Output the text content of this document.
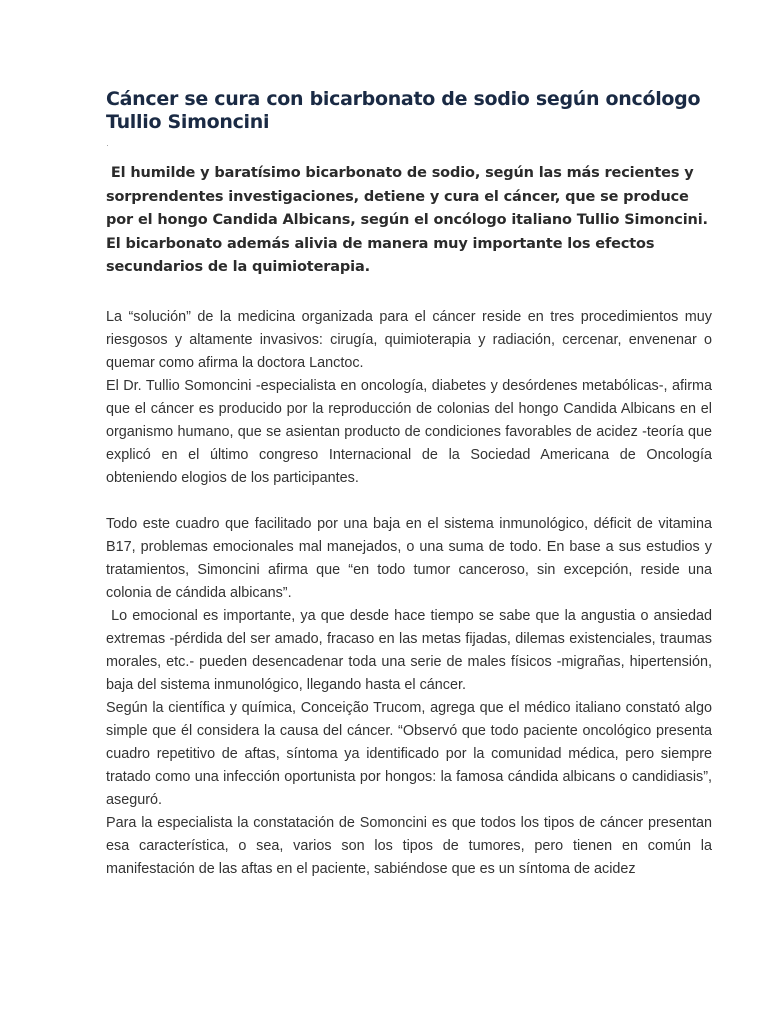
Cáncer se cura con bicarbonato de sodio según oncólogo Tullio Simoncini
·
El humilde y baratísimo bicarbonato de sodio, según las más recientes y sorprendentes investigaciones, detiene y cura el cáncer, que se produce por el hongo Candida Albicans, según el oncólogo italiano Tullio Simoncini. El bicarbonato además alivia de manera muy importante los efectos secundarios de la quimioterapia.

La “solución” de la medicina organizada para el cáncer reside en tres procedimientos muy riesgosos y altamente invasivos: cirugía, quimioterapia y radiación, cercenar, envenenar o quemar como afirma la doctora Lanctoc.

El Dr. Tullio Somoncini -especialista en oncología, diabetes y desórdenes metabólicas-, afirma que el cáncer es producido por la reproducción de colonias del hongo Candida Albicans en el organismo humano, que se asientan producto de condiciones favorables de acidez -teoría que explicó en el último congreso Internacional de la Sociedad Americana de Oncología obteniendo elogios de los participantes.

Todo este cuadro que facilitado por una baja en el sistema inmunológico, déficit de vitamina B17, problemas emocionales mal manejados, o una suma de todo. En base a sus estudios y tratamientos, Simoncini afirma que “en todo tumor canceroso, sin excepción, reside una colonia de cándida albicans”.

Lo emocional es importante, ya que desde hace tiempo se sabe que la angustia o ansiedad extremas -pérdida del ser amado, fracaso en las metas fijadas, dilemas existenciales, traumas morales, etc.- pueden desencadenar toda una serie de males físicos -migrañas, hipertensión, baja del sistema inmunológico, llegando hasta el cáncer.

Según la científica y química, Conceição Trucom, agrega que el médico italiano constató algo simple que él considera la causa del cáncer. “Observó que todo paciente oncológico presenta cuadro repetitivo de aftas, síntoma ya identificado por la comunidad médica, pero siempre tratado como una infección oportunista por hongos: la famosa cándida albicans o candidiasis”, aseguró.

Para la especialista la constatación de Somoncini es que todos los tipos de cáncer presentan esa característica, o sea, varios son los tipos de tumores, pero tienen en común la manifestación de las aftas en el paciente, sabiéndose que es un síntoma de acidez
